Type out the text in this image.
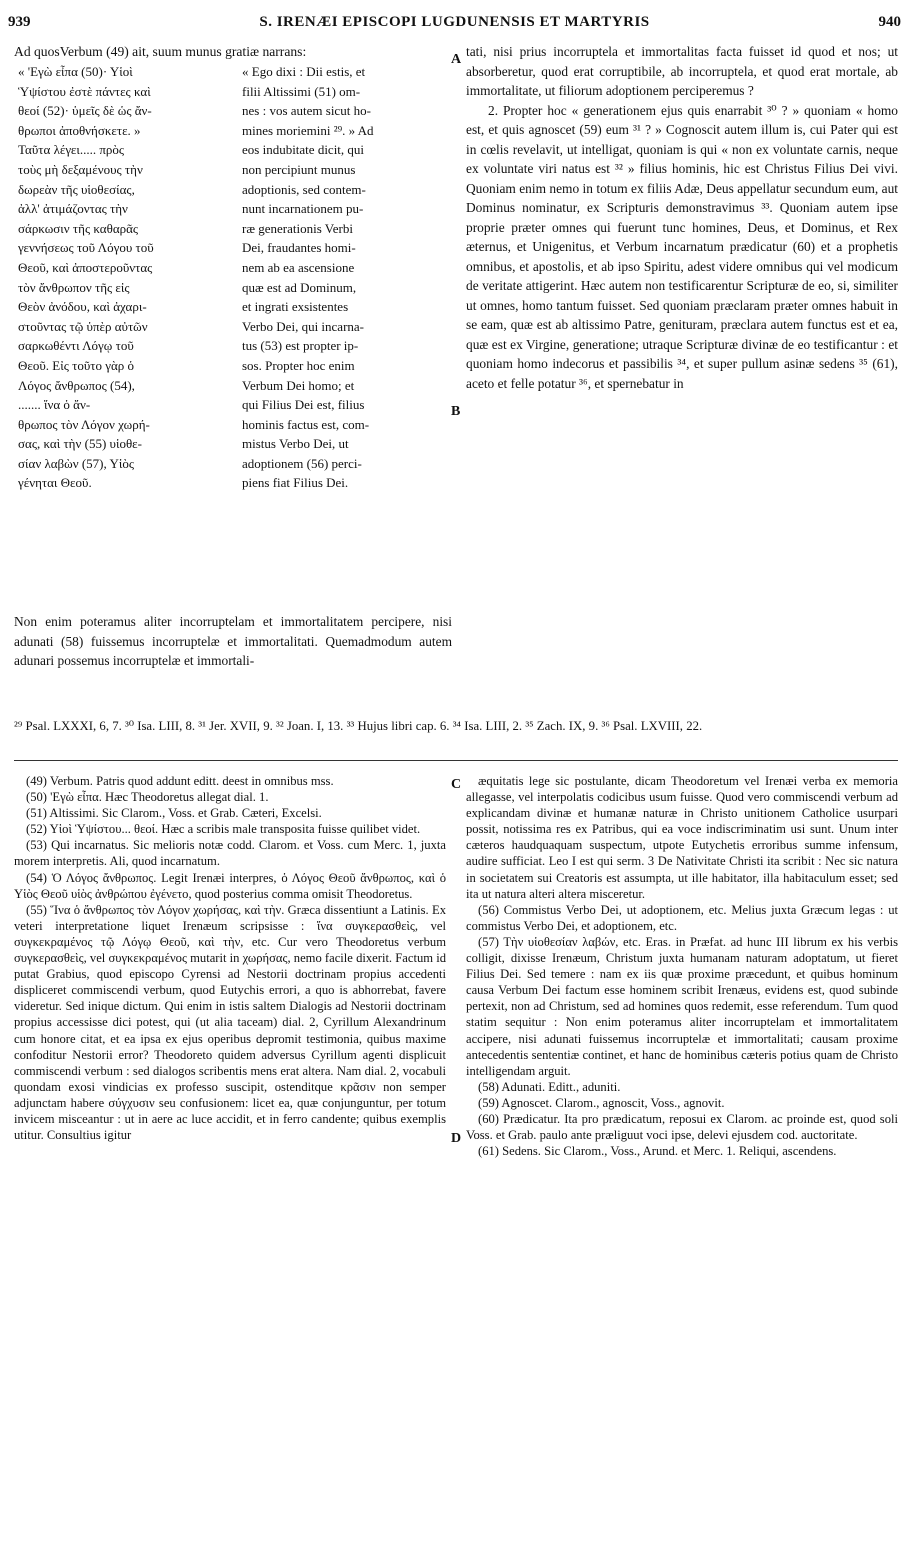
939	S. IRENÆI EPISCOPI LUGDUNENSIS ET MARTYRIS	940

Ad quosVerbum (49) ait, suum munus gratiæ narrans:

« 'Εγὼ εἶπα (50)· Υἱοὶ

Ὑψίστου ἐστὲ πάντες καὶ

θεοί (52)· ὑμεῖς δὲ ὡς ἄν-

θρωποι ἀποθνήσκετε. »

Ταῦτα λέγει..... πρὸς

τοὺς μὴ δεξαμένους τὴν

δωρεὰν τῆς υἱοθεσίας,

ἀλλ' ἀτιμάζοντας τὴν

σάρκωσιν τῆς καθαρᾶς

γεννήσεως τοῦ Λόγου τοῦ

Θεοῦ, καὶ ἀποστεροῦντας

τὸν ἄνθρωπον τῆς εἰς

Θεὸν ἀνόδου, καὶ ἀχαρι-

στοῦντας τῷ ὑπὲρ αὐτῶν

σαρκωθέντι Λόγῳ τοῦ

Θεοῦ. Εἰς τοῦτο γὰρ ὁ

Λόγος ἄνθρωπος (54),

....... ἵνα ὁ ἄν-

θρωπος τὸν Λόγον χωρή-

σας, καὶ τὴν (55) υἱοθε-

σίαν λαβὼν (57), Υἱὸς

γένηται Θεοῦ.

« Ego dixi : Dii estis, et

filii Altissimi (51) om-

nes : vos autem sicut ho-

mines moriemini ²⁹. » Ad

eos indubitate dicit, qui

non percipiunt munus

adoptionis, sed contem-

nunt incarnationem pu-

ræ generationis Verbi

Dei, fraudantes homi-

nem ab ea ascensione

quæ est ad Dominum,

et ingrati exsistentes

Verbo Dei, qui incarna-

tus (53) est propter ip-

sos. Propter hoc enim

Verbum Dei homo; et

qui Filius Dei est, filius

hominis factus est, com-

mistus Verbo Dei, ut

adoptionem (56) perci-

piens fiat Filius Dei.

Non enim poteramus aliter incorruptelam et immortalitatem percipere, nisi adunati (58) fuissemus incorruptelæ et immortalitati. Quemadmodum autem adunari possemus incorruptelæ et immortali-

tati, nisi prius incorruptela et immortalitas facta fuisset id quod et nos; ut absorberetur, quod erat corruptibile, ab incorruptela, et quod erat mortale, ab immortalitate, ut filiorum adoptionem perciperemus ?

2. Propter hoc « generationem ejus quis enarrabit ³⁰ ? » quoniam « homo est, et quis agnoscet (59) eum ³¹ ? » Cognoscit autem illum is, cui Pater qui est in cœlis revelavit, ut intelligat, quoniam is qui « non ex voluntate carnis, neque ex voluntate viri natus est ³² » filius hominis, hic est Christus Filius Dei vivi. Quoniam enim nemo in totum ex filiis Adæ, Deus appellatur secundum eum, aut Dominus nominatur, ex Scripturis demonstravimus ³³. Quoniam autem ipse proprie præter omnes qui fuerunt tunc homines, Deus, et Dominus, et Rex æternus, et Unigenitus, et Verbum incarnatum prædicatur (60) et a prophetis omnibus, et apostolis, et ab ipso Spiritu, adest videre omnibus qui vel modicum de veritate attigerint. Hæc autem non testificarentur Scripturæ de eo, si, similiter ut omnes, homo tantum fuisset. Sed quoniam præclaram præter omnes habuit in se eam, quæ est ab altissimo Patre, genituram, præclara autem functus est et ea, quæ est ex Virgine, generatione; utraque Scripturæ divinæ de eo testificantur : et quoniam homo indecorus et passibilis ³⁴, et super pullum asinæ sedens ³⁵ (61), aceto et felle potatur ³⁶, et spernebatur in

A
B
C
D
²⁹ Psal. LXXXI, 6, 7. ³⁰ Isa. LIII, 8. ³¹ Jer. XVII, 9. ³² Joan. I, 13. ³³ Hujus libri cap. 6. ³⁴ Isa. LIII, 2. ³⁵ Zach. IX, 9. ³⁶ Psal. LXVIII, 22.

(49) Verbum. Patris quod addunt editt. deest in omnibus mss.

(50) 'Εγὼ εἶπα. Hæc Theodoretus allegat dial. 1.

(51) Altissimi. Sic Clarom., Voss. et Grab. Cæteri, Excelsi.

(52) Υἱοὶ Ὑψίστου... θεοί. Hæc a scribis male transposita fuisse quilibet videt.

(53) Qui incarnatus. Sic melioris notæ codd. Clarom. et Voss. cum Merc. 1, juxta morem interpretis. Ali, quod incarnatum.

(54) Ὁ Λόγος ἄνθρωπος. Legit Irenæi interpres, ὁ Λόγος Θεοῦ ἄνθρωπος, καὶ ὁ Υἱὸς Θεοῦ υἱὸς ἀνθρώπου ἐγένετο, quod posterius comma omisit Theodoretus.

(55) Ἵνα ὁ ἄνθρωπος τὸν Λόγον χωρήσας, καὶ τὴν. Græca dissentiunt a Latinis. Ex veteri interpretatione liquet Irenæum scripsisse : ἵνα συγκερασθεὶς, vel συγκεκραμένος τῷ Λόγῳ Θεοῦ, καὶ τὴν, etc. Cur vero Theodoretus verbum συγκερασθεὶς, vel συγκεκραμένος mutarit in χωρήσας, nemo facile dixerit. Factum id putat Grabius, quod episcopo Cyrensi ad Nestorii doctrinam propius accedenti displiceret commiscendi verbum, quod Eutychis errori, a quo is abhorrebat, favere videretur. Sed inique dictum. Qui enim in istis saltem Dialogis ad Nestorii doctrinam propius accessisse dici potest, qui (ut alia taceam) dial. 2, Cyrillum Alexandrinum cum honore citat, et ea ipsa ex ejus operibus depromit testimonia, quibus maxime confoditur Nestorii error? Theodoreto quidem adversus Cyrillum agenti displicuit commiscendi verbum : sed dialogos scribentis mens erat altera. Nam dial. 2, vocabuli quondam exosi vindicias ex professo suscipit, ostenditque κρᾶσιν non semper adjunctam habere σύγχυσιν seu confusionem: licet ea, quæ conjunguntur, per totum invicem misceantur : ut in aere ac luce accidit, et in ferro candente; quibus exemplis utitur. Consultius igitur

æquitatis lege sic postulante, dicam Theodoretum vel Irenæi verba ex memoria allegasse, vel interpolatis codicibus usum fuisse. Quod vero commiscendi verbum ad explicandam divinæ et humanæ naturæ in Christo unitionem Catholice usurpari possit, notissima res ex Patribus, qui ea voce indiscriminatim usi sunt. Unum inter cæteros haudquaquam suspectum, utpote Eutychetis erroribus summe infensum, audire sufficiat. Leo I est qui serm. 3 De Nativitate Christi ita scribit : Nec sic natura in societatem sui Creatoris est assumpta, ut ille habitator, illa habitaculum esset; sed ita ut natura alteri altera misceretur.

(56) Commistus Verbo Dei, ut adoptionem, etc. Melius juxta Græcum legas : ut commistus Verbo Dei, et adoptionem, etc.

(57) Τὴν υἱοθεσίαν λαβών, etc. Eras. in Præfat. ad hunc III librum ex his verbis colligit, dixisse Irenæum, Christum juxta humanam naturam adoptatum, ut fieret Filius Dei. Sed temere : nam ex iis quæ proxime præcedunt, et quibus hominum causa Verbum Dei factum esse hominem scribit Irenæus, evidens est, quod subinde pertexit, non ad Christum, sed ad homines quos redemit, esse referendum. Tum quod statim sequitur : Non enim poteramus aliter incorruptelam et immortalitatem accipere, nisi adunati fuissemus incorruptelæ et immortalitati; causam proxime antecedentis sententiæ continet, et hanc de hominibus cæteris potius quam de Christo intelligendam arguit.

(58) Adunati. Editt., aduniti.

(59) Agnoscet. Clarom., agnoscit, Voss., agnovit.

(60) Prædicatur. Ita pro prædicatum, reposui ex Clarom. ac proinde est, quod soli Voss. et Grab. paulo ante præliguut voci ipse, delevi ejusdem cod. auctoritate.

(61) Sedens. Sic Clarom., Voss., Arund. et Merc. 1. Reliqui, ascendens.
